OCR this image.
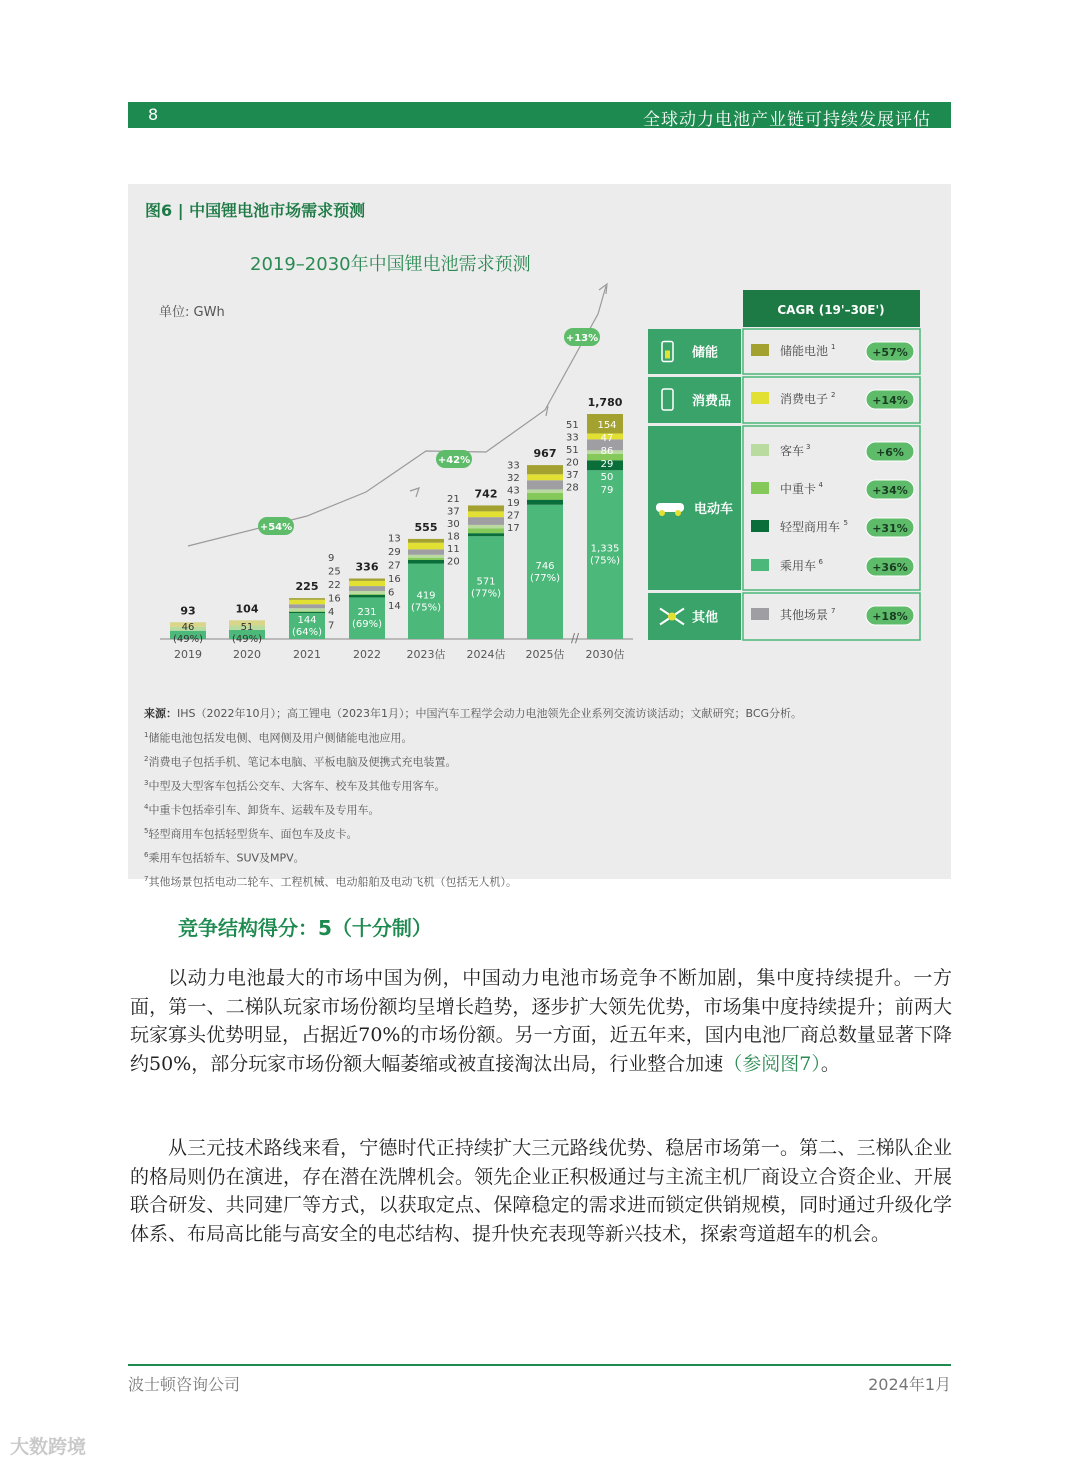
8	全球动力电池产业链可持续发展评估
图6 | 中国锂电池市场需求预测
2019–2030年中国锂电池需求预测
单位: GWh
+54%
+42%
+13%
93
46
(49%)
2019
104
51
(49%)
2020
225
144
(64%)
2021
9
25
22
16
4
7
336
231
(69%)
2022
13
29
27
16
6
14
555
419
(75%)
2023估
21
37
30
18
11
20
742
571
(77%)
2024估
33
32
43
19
27
17
967
746
(77%)
2025估
51
33
51
20
37
28
1,780
1,335
(75%)
2030估
154
47
86
29
50
79
//
CAGR (19'–30E')
储能	储能电池 1	+57%
消费品	消费电子 2	+14%
电动车
客车 3	+6%
中重卡 4	+34%
轻型商用车 5 +31%
乘用车 6	+36%
其他	其他场景 7	+18%
来源：IHS（2022年10月）；高工锂电（2023年1月）；中国汽车工程学会动力电池领先企业系列交流访谈活动；文献研究；BCG分析。
$^1$储能电池包括发电侧、电网侧及用户侧储能电池应用。
$^2$消费电子包括手机、笔记本电脑、平板电脑及便携式充电装置。
$^3$中型及大型客车包括公交车、大客车、校车及其他专用客车。
$^4$中重卡包括牵引车、卸货车、运载车及专用车。
$^5$轻型商用车包括轻型货车、面包车及皮卡。
$^6$乘用车包括轿车、SUV及MPV。
$^7$其他场景包括电动二轮车、工程机械、电动船舶及电动飞机（包括无人机）。
竞争结构得分：5（十分制）
以动力电池最大的市场中国为例，中国动力电池市场竞争不断加剧，集中度持续提升。一方面，第一、二梯队玩家市场份额均呈增长趋势，逐步扩大领先优势，市场集中度持续提升；前两大玩家寡头优势明显，占据近70%的市场份额。另一方面，近五年来，国内电池厂商总数量显著下降约50%，部分玩家市场份额大幅萎缩或被直接淘汰出局，行业整合加速（参阅图7）。
从三元技术路线来看，宁德时代正持续扩大三元路线优势、稳居市场第一。第二、三梯队企业的格局则仍在演进，存在潜在洗牌机会。领先企业正积极通过与主流主机厂商设立合资企业、开展联合研发、共同建厂等方式，以获取定点、保障稳定的需求进而锁定供销规模，同时通过升级化学体系、布局高比能与高安全的电芯结构、提升快充表现等新兴技术，探索弯道超车的机会。
波士顿咨询公司	2024年1月
大数跨境
